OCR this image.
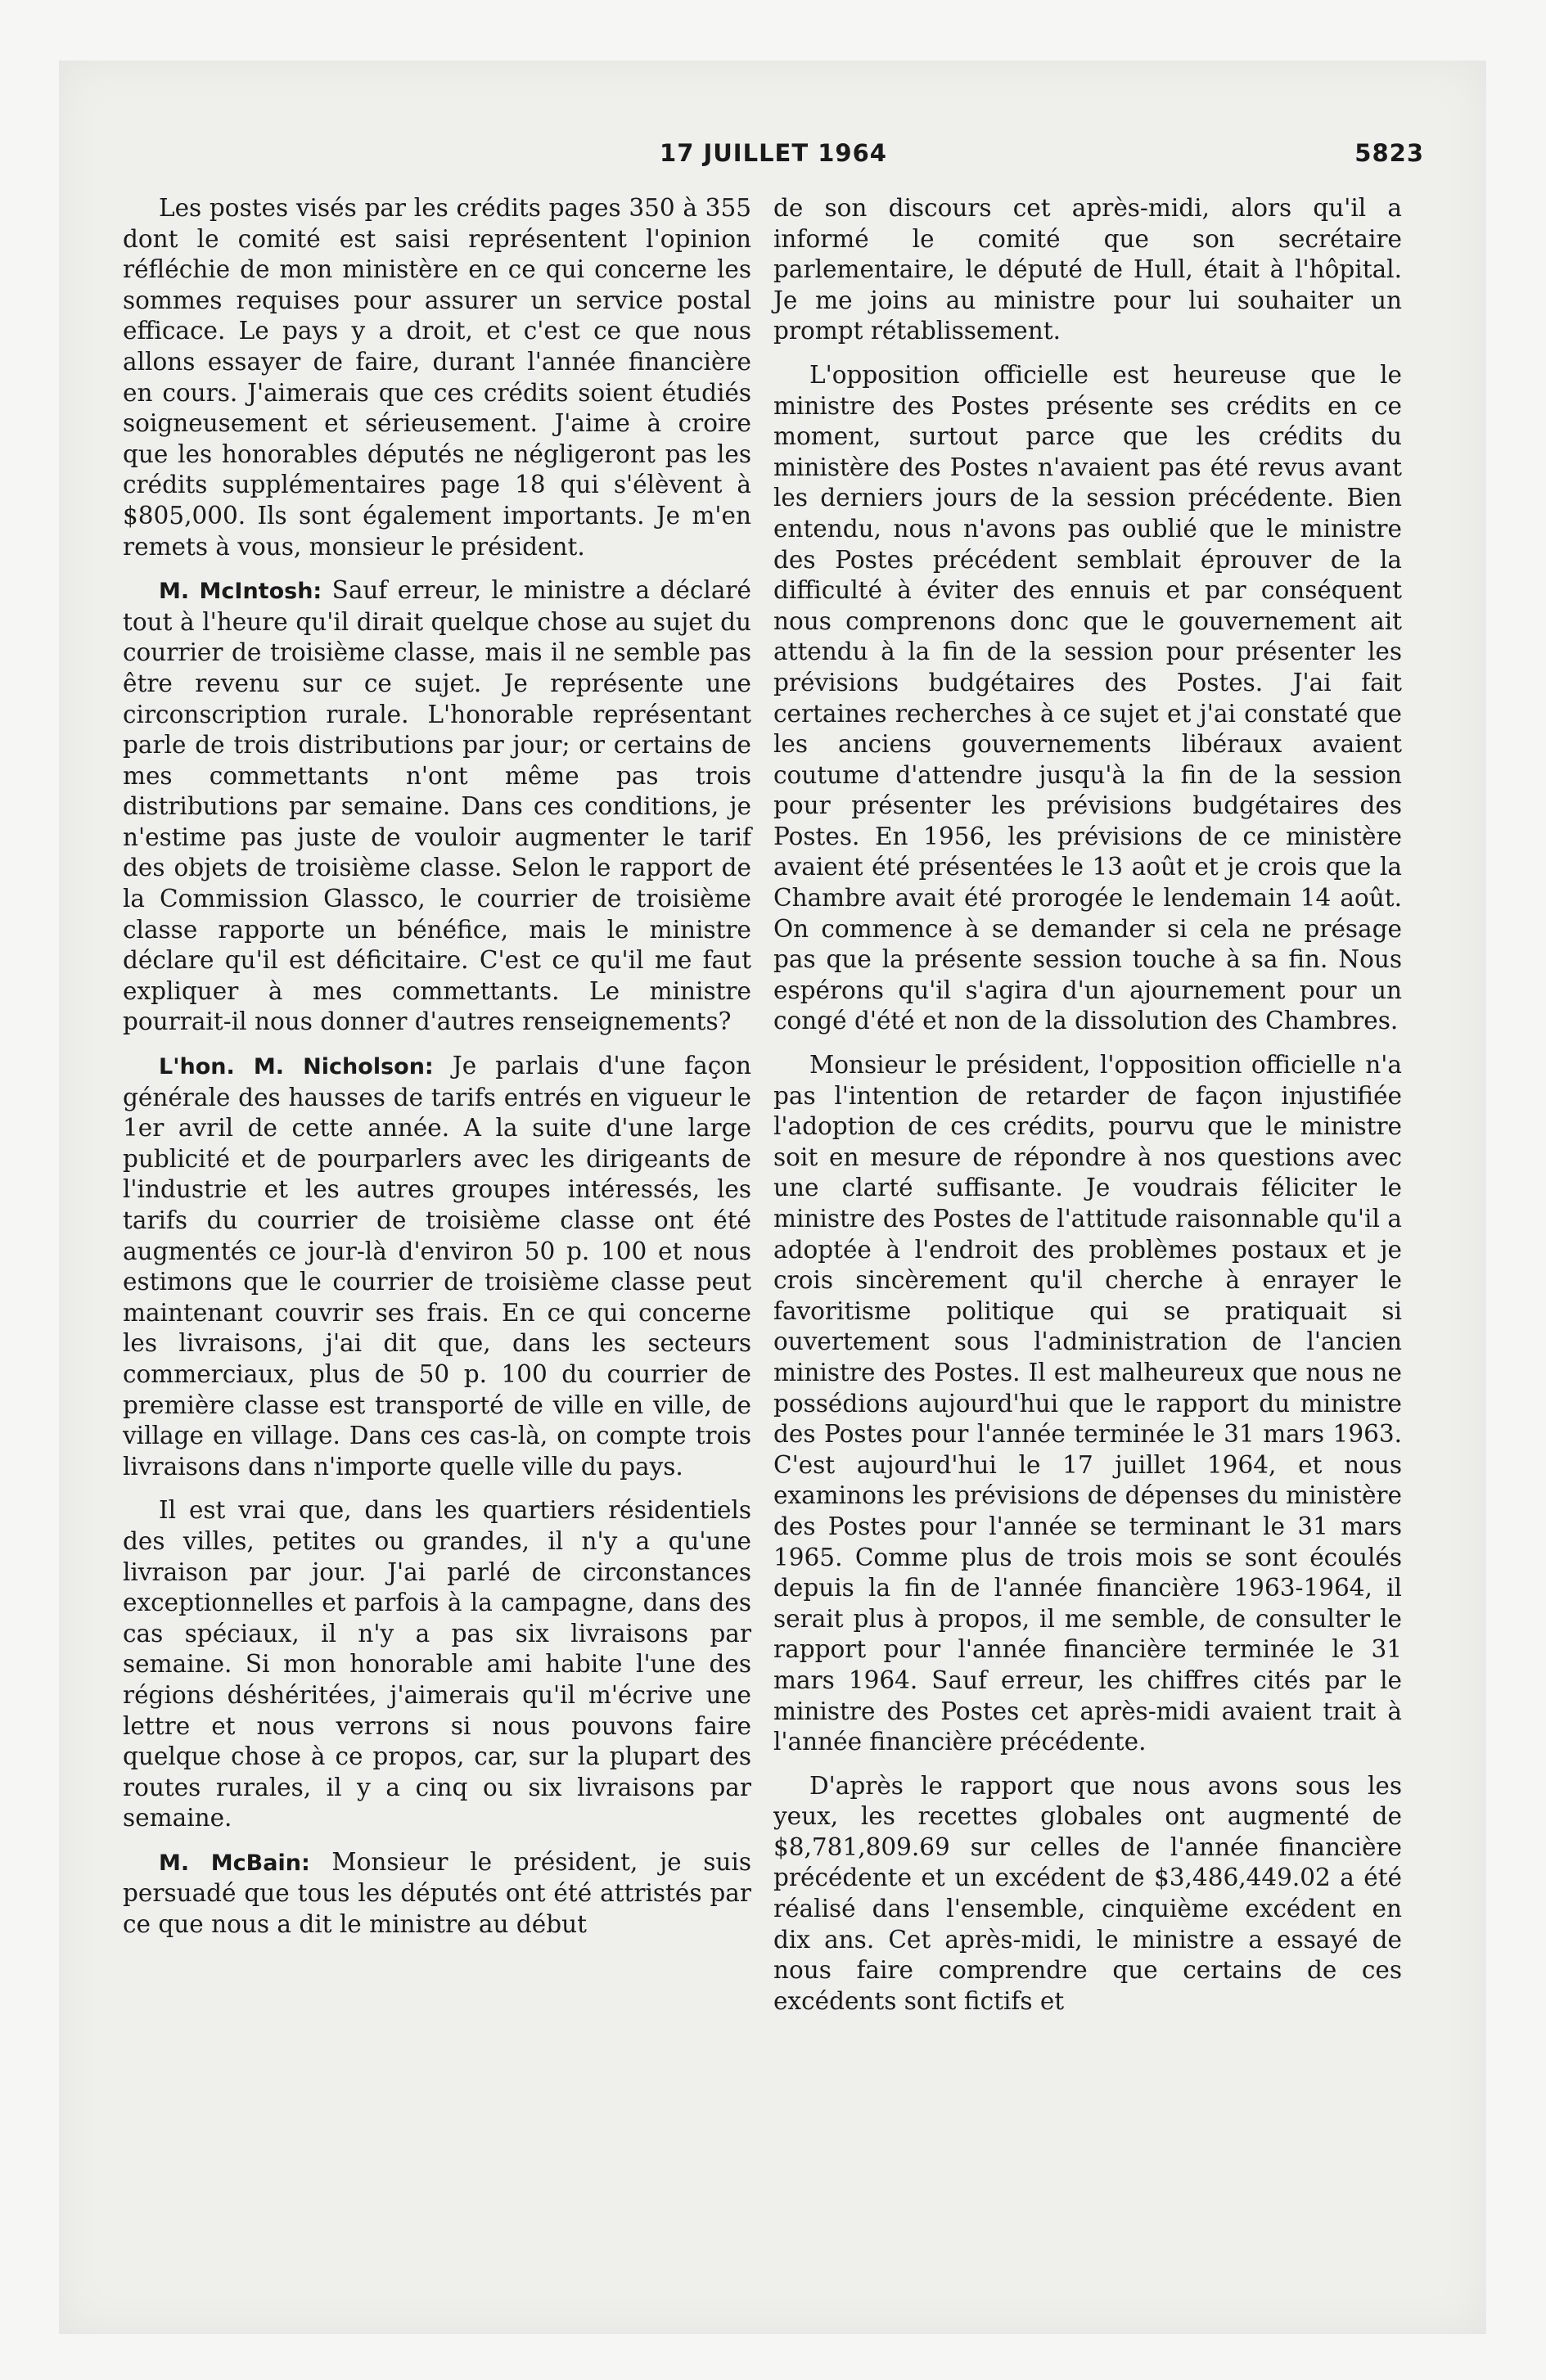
17 JUILLET 1964	5823

Les postes visés par les crédits pages 350 à 355 dont le comité est saisi représentent l'opinion réfléchie de mon ministère en ce qui concerne les sommes requises pour assurer un service postal efficace. Le pays y a droit, et c'est ce que nous allons essayer de faire, durant l'année financière en cours. J'aimerais que ces crédits soient étudiés soigneusement et sérieusement. J'aime à croire que les honorables députés ne négligeront pas les crédits supplémentaires page 18 qui s'élèvent à $805,000. Ils sont également importants. Je m'en remets à vous, monsieur le président.

M. McIntosh: Sauf erreur, le ministre a déclaré tout à l'heure qu'il dirait quelque chose au sujet du courrier de troisième classe, mais il ne semble pas être revenu sur ce sujet. Je représente une circonscription rurale. L'honorable représentant parle de trois distributions par jour; or certains de mes commettants n'ont même pas trois distributions par semaine. Dans ces conditions, je n'estime pas juste de vouloir augmenter le tarif des objets de troisième classe. Selon le rapport de la Commission Glassco, le courrier de troisième classe rapporte un bénéfice, mais le ministre déclare qu'il est déficitaire. C'est ce qu'il me faut expliquer à mes commettants. Le ministre pourrait-il nous donner d'autres renseignements?

L'hon. M. Nicholson: Je parlais d'une façon générale des hausses de tarifs entrés en vigueur le 1er avril de cette année. A la suite d'une large publicité et de pourparlers avec les dirigeants de l'industrie et les autres groupes intéressés, les tarifs du courrier de troisième classe ont été augmentés ce jour-là d'environ 50 p. 100 et nous estimons que le courrier de troisième classe peut maintenant couvrir ses frais. En ce qui concerne les livraisons, j'ai dit que, dans les secteurs commerciaux, plus de 50 p. 100 du courrier de première classe est transporté de ville en ville, de village en village. Dans ces cas-là, on compte trois livraisons dans n'importe quelle ville du pays.

Il est vrai que, dans les quartiers résidentiels des villes, petites ou grandes, il n'y a qu'une livraison par jour. J'ai parlé de circonstances exceptionnelles et parfois à la campagne, dans des cas spéciaux, il n'y a pas six livraisons par semaine. Si mon honorable ami habite l'une des régions déshéritées, j'aimerais qu'il m'écrive une lettre et nous verrons si nous pouvons faire quelque chose à ce propos, car, sur la plupart des routes rurales, il y a cinq ou six livraisons par semaine.

M. McBain: Monsieur le président, je suis persuadé que tous les députés ont été attristés par ce que nous a dit le ministre au début

de son discours cet après-midi, alors qu'il a informé le comité que son secrétaire parlementaire, le député de Hull, était à l'hôpital. Je me joins au ministre pour lui souhaiter un prompt rétablissement.

L'opposition officielle est heureuse que le ministre des Postes présente ses crédits en ce moment, surtout parce que les crédits du ministère des Postes n'avaient pas été revus avant les derniers jours de la session précédente. Bien entendu, nous n'avons pas oublié que le ministre des Postes précédent semblait éprouver de la difficulté à éviter des ennuis et par conséquent nous comprenons donc que le gouvernement ait attendu à la fin de la session pour présenter les prévisions budgétaires des Postes. J'ai fait certaines recherches à ce sujet et j'ai constaté que les anciens gouvernements libéraux avaient coutume d'attendre jusqu'à la fin de la session pour présenter les prévisions budgétaires des Postes. En 1956, les prévisions de ce ministère avaient été présentées le 13 août et je crois que la Chambre avait été prorogée le lendemain 14 août. On commence à se demander si cela ne présage pas que la présente session touche à sa fin. Nous espérons qu'il s'agira d'un ajournement pour un congé d'été et non de la dissolution des Chambres.

Monsieur le président, l'opposition officielle n'a pas l'intention de retarder de façon injustifiée l'adoption de ces crédits, pourvu que le ministre soit en mesure de répondre à nos questions avec une clarté suffisante. Je voudrais féliciter le ministre des Postes de l'attitude raisonnable qu'il a adoptée à l'endroit des problèmes postaux et je crois sincèrement qu'il cherche à enrayer le favoritisme politique qui se pratiquait si ouvertement sous l'administration de l'ancien ministre des Postes. Il est malheureux que nous ne possédions aujourd'hui que le rapport du ministre des Postes pour l'année terminée le 31 mars 1963. C'est aujourd'hui le 17 juillet 1964, et nous examinons les prévisions de dépenses du ministère des Postes pour l'année se terminant le 31 mars 1965. Comme plus de trois mois se sont écoulés depuis la fin de l'année financière 1963-1964, il serait plus à propos, il me semble, de consulter le rapport pour l'année financière terminée le 31 mars 1964. Sauf erreur, les chiffres cités par le ministre des Postes cet après-midi avaient trait à l'année financière précédente.

D'après le rapport que nous avons sous les yeux, les recettes globales ont augmenté de $8,781,809.69 sur celles de l'année financière précédente et un excédent de $3,486,449.02 a été réalisé dans l'ensemble, cinquième excédent en dix ans. Cet après-midi, le ministre a essayé de nous faire comprendre que certains de ces excédents sont fictifs et
